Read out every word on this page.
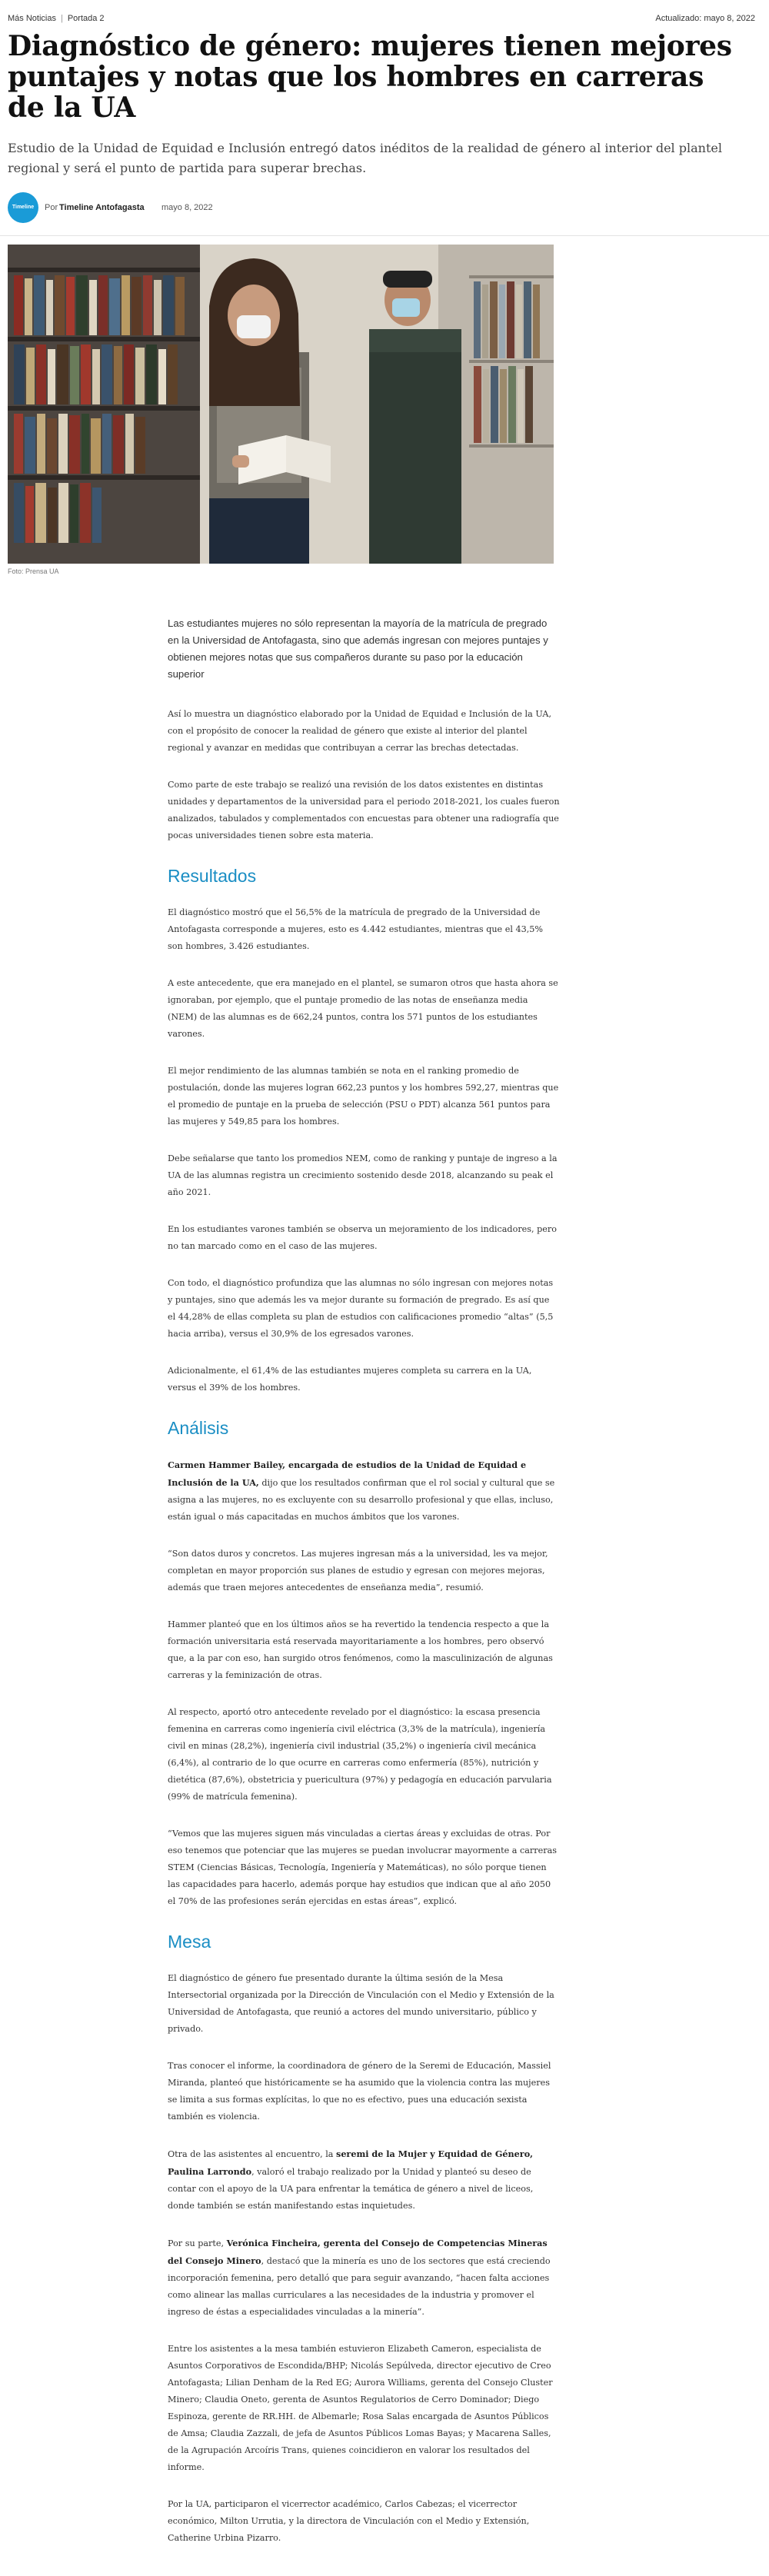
Más Noticias | Portada 2	Actualizado: mayo 8, 2022
Diagnóstico de género: mujeres tienen mejores puntajes y notas que los hombres en carreras de la UA

Estudio de la Unidad de Equidad e Inclusión entregó datos inéditos de la realidad de género al interior del plantel regional y será el punto de partida para superar brechas.

Timeline	Por Timeline Antofagasta mayo 8, 2022
Foto: Prensa UA

Las estudiantes mujeres no sólo representan la mayoría de la matrícula de pregrado en la Universidad de Antofagasta, sino que además ingresan con mejores puntajes y obtienen mejores notas que sus compañeros durante su paso por la educación superior

Así lo muestra un diagnóstico elaborado por la Unidad de Equidad e Inclusión de la UA, con el propósito de conocer la realidad de género que existe al interior del plantel regional y avanzar en medidas que contribuyan a cerrar las brechas detectadas.

Como parte de este trabajo se realizó una revisión de los datos existentes en distintas unidades y departamentos de la universidad para el periodo 2018-2021, los cuales fueron analizados, tabulados y complementados con encuestas para obtener una radiografía que pocas universidades tienen sobre esta materia.

Resultados

El diagnóstico mostró que el 56,5% de la matrícula de pregrado de la Universidad de Antofagasta corresponde a mujeres, esto es 4.442 estudiantes, mientras que el 43,5% son hombres, 3.426 estudiantes.

A este antecedente, que era manejado en el plantel, se sumaron otros que hasta ahora se ignoraban, por ejemplo, que el puntaje promedio de las notas de enseñanza media (NEM) de las alumnas es de 662,24 puntos, contra los 571 puntos de los estudiantes varones.

El mejor rendimiento de las alumnas también se nota en el ranking promedio de postulación, donde las mujeres logran 662,23 puntos y los hombres 592,27, mientras que el promedio de puntaje en la prueba de selección (PSU o PDT) alcanza 561 puntos para las mujeres y 549,85 para los hombres.

Debe señalarse que tanto los promedios NEM, como de ranking y puntaje de ingreso a la UA de las alumnas registra un crecimiento sostenido desde 2018, alcanzando su peak el año 2021.

En los estudiantes varones también se observa un mejoramiento de los indicadores, pero no tan marcado como en el caso de las mujeres.

Con todo, el diagnóstico profundiza que las alumnas no sólo ingresan con mejores notas y puntajes, sino que además les va mejor durante su formación de pregrado. Es así que el 44,28% de ellas completa su plan de estudios con calificaciones promedio “altas” (5,5 hacia arriba), versus el 30,9% de los egresados varones.

Adicionalmente, el 61,4% de las estudiantes mujeres completa su carrera en la UA, versus el 39% de los hombres.

Análisis

Carmen Hammer Bailey, encargada de estudios de la Unidad de Equidad e Inclusión de la UA, dijo que los resultados confirman que el rol social y cultural que se asigna a las mujeres, no es excluyente con su desarrollo profesional y que ellas, incluso, están igual o más capacitadas en muchos ámbitos que los varones.

“Son datos duros y concretos. Las mujeres ingresan más a la universidad, les va mejor, completan en mayor proporción sus planes de estudio y egresan con mejores mejoras, además que traen mejores antecedentes de enseñanza media”, resumió.

Hammer planteó que en los últimos años se ha revertido la tendencia respecto a que la formación universitaria está reservada mayoritariamente a los hombres, pero observó que, a la par con eso, han surgido otros fenómenos, como la masculinización de algunas carreras y la feminización de otras.

Al respecto, aportó otro antecedente revelado por el diagnóstico: la escasa presencia femenina en carreras como ingeniería civil eléctrica (3,3% de la matrícula), ingeniería civil en minas (28,2%), ingeniería civil industrial (35,2%) o ingeniería civil mecánica (6,4%), al contrario de lo que ocurre en carreras como enfermería (85%), nutrición y dietética (87,6%), obstetricia y puericultura (97%) y pedagogía en educación parvularia (99% de matrícula femenina).

“Vemos que las mujeres siguen más vinculadas a ciertas áreas y excluidas de otras. Por eso tenemos que potenciar que las mujeres se puedan involucrar mayormente a carreras STEM (Ciencias Básicas, Tecnología, Ingeniería y Matemáticas), no sólo porque tienen las capacidades para hacerlo, además porque hay estudios que indican que al año 2050 el 70% de las profesiones serán ejercidas en estas áreas”, explicó.

Mesa

El diagnóstico de género fue presentado durante la última sesión de la Mesa Intersectorial organizada por la Dirección de Vinculación con el Medio y Extensión de la Universidad de Antofagasta, que reunió a actores del mundo universitario, público y privado.

Tras conocer el informe, la coordinadora de género de la Seremi de Educación, Massiel Miranda, planteó que históricamente se ha asumido que la violencia contra las mujeres se limita a sus formas explícitas, lo que no es efectivo, pues una educación sexista también es violencia.

Otra de las asistentes al encuentro, la seremi de la Mujer y Equidad de Género, Paulina Larrondo, valoró el trabajo realizado por la Unidad y planteó su deseo de contar con el apoyo de la UA para enfrentar la temática de género a nivel de liceos, donde también se están manifestando estas inquietudes.

Por su parte, Verónica Fincheira, gerenta del Consejo de Competencias Mineras del Consejo Minero, destacó que la minería es uno de los sectores que está creciendo incorporación femenina, pero detalló que para seguir avanzando, “hacen falta acciones como alinear las mallas curriculares a las necesidades de la industria y promover el ingreso de éstas a especialidades vinculadas a la minería”.

Entre los asistentes a la mesa también estuvieron Elizabeth Cameron, especialista de Asuntos Corporativos de Escondida/BHP; Nicolás Sepúlveda, director ejecutivo de Creo Antofagasta; Lilian Denham de la Red EG; Aurora Williams, gerenta del Consejo Cluster Minero; Claudia Oneto, gerenta de Asuntos Regulatorios de Cerro Dominador; Diego Espinoza, gerente de RR.HH. de Albemarle; Rosa Salas encargada de Asuntos Públicos de Amsa; Claudia Zazzali, de jefa de Asuntos Públicos Lomas Bayas; y Macarena Salles, de la Agrupación Arcoíris Trans, quienes coincidieron en valorar los resultados del informe.

Por la UA, participaron el vicerrector académico, Carlos Cabezas; el vicerrector económico, Milton Urrutia, y la directora de Vinculación con el Medio y Extensión, Catherine Urbina Pizarro.
